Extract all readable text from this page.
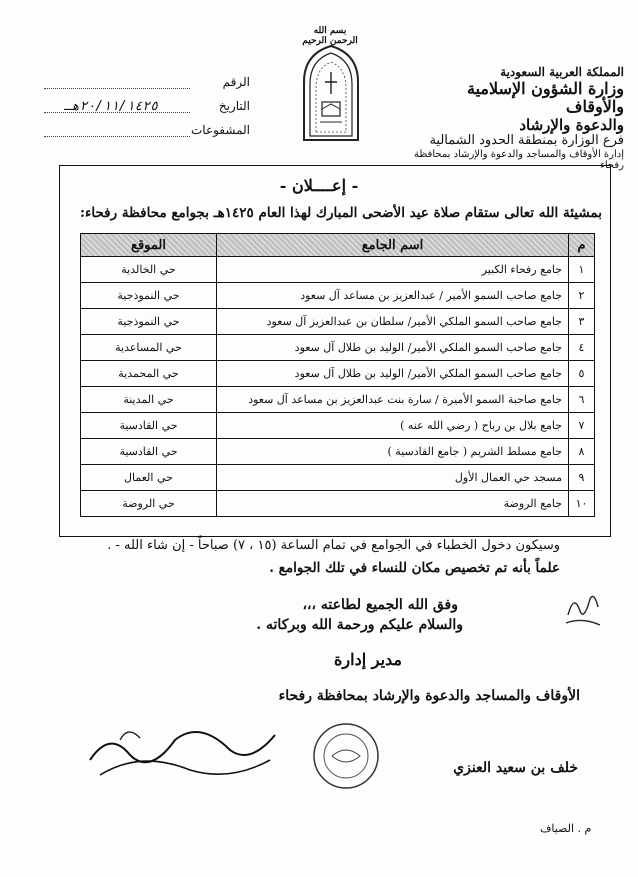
بسم الله الرحمن الرحيم
المملكة العربية السعودية
وزارة الشؤون الإسلامية والأوقاف
والدعوة والإرشاد
فرع الوزارة بمنطقة الحدود الشمالية
إدارة الأوقاف والمساجد والدعوة والإرشاد بمحافظة رفحاء
الرقم
التاريخ
٢٠/١١/١٤٢٥هـ
المشفوعات
- إعــــلان -
بمشيئة الله تعالى ستقام صلاة عيد الأضحى المبارك لهذا العام ١٤٢٥هـ بجوامع محافظة رفحاء:
م	اسم الجامع	الموقع
١	جامع رفحاء الكبير	حي الخالدية
٢	جامع صاحب السمو الأمير / عبدالعزيز بن مساعد آل سعود	حي النموذجية
٣	جامع صاحب السمو الملكي الأمير/ سلطان بن عبدالعزيز آل سعود	حي النموذجية
٤	جامع صاحب السمو الملكي الأمير/ الوليد بن طلال آل سعود	حي المساعدية
٥	جامع صاحب السمو الملكي الأمير/ الوليد بن طلال آل سعود	حي المحمدية
٦	جامع صاحبة السمو الأميرة / سارة بنت عبدالعزيز بن مساعد آل سعود	حي المدينة
٧	جامع بلال بن رباح ( رضي الله عنه )	حي القادسية
٨	جامع مسلط الشريم ( جامع القادسية )	حي القادسية
٩	مسجد حي العمال الأول	حي العمال
١٠	جامع الروضة	حي الروضة
وسيكون دخول الخطباء في الجوامع في تمام الساعة (١٥ ، ٧) صباحاً - إن شاء الله - .
علماً بأنه تم تخصيص مكان للنساء في تلك الجوامع .
وفق الله الجميع لطاعته ،،،
والسلام عليكم ورحمة الله وبركاته .
مدير إدارة
الأوقاف والمساجد والدعوة والإرشاد بمحافظة رفحاء
خلف بن سعيد العنزي
م . الصياف
